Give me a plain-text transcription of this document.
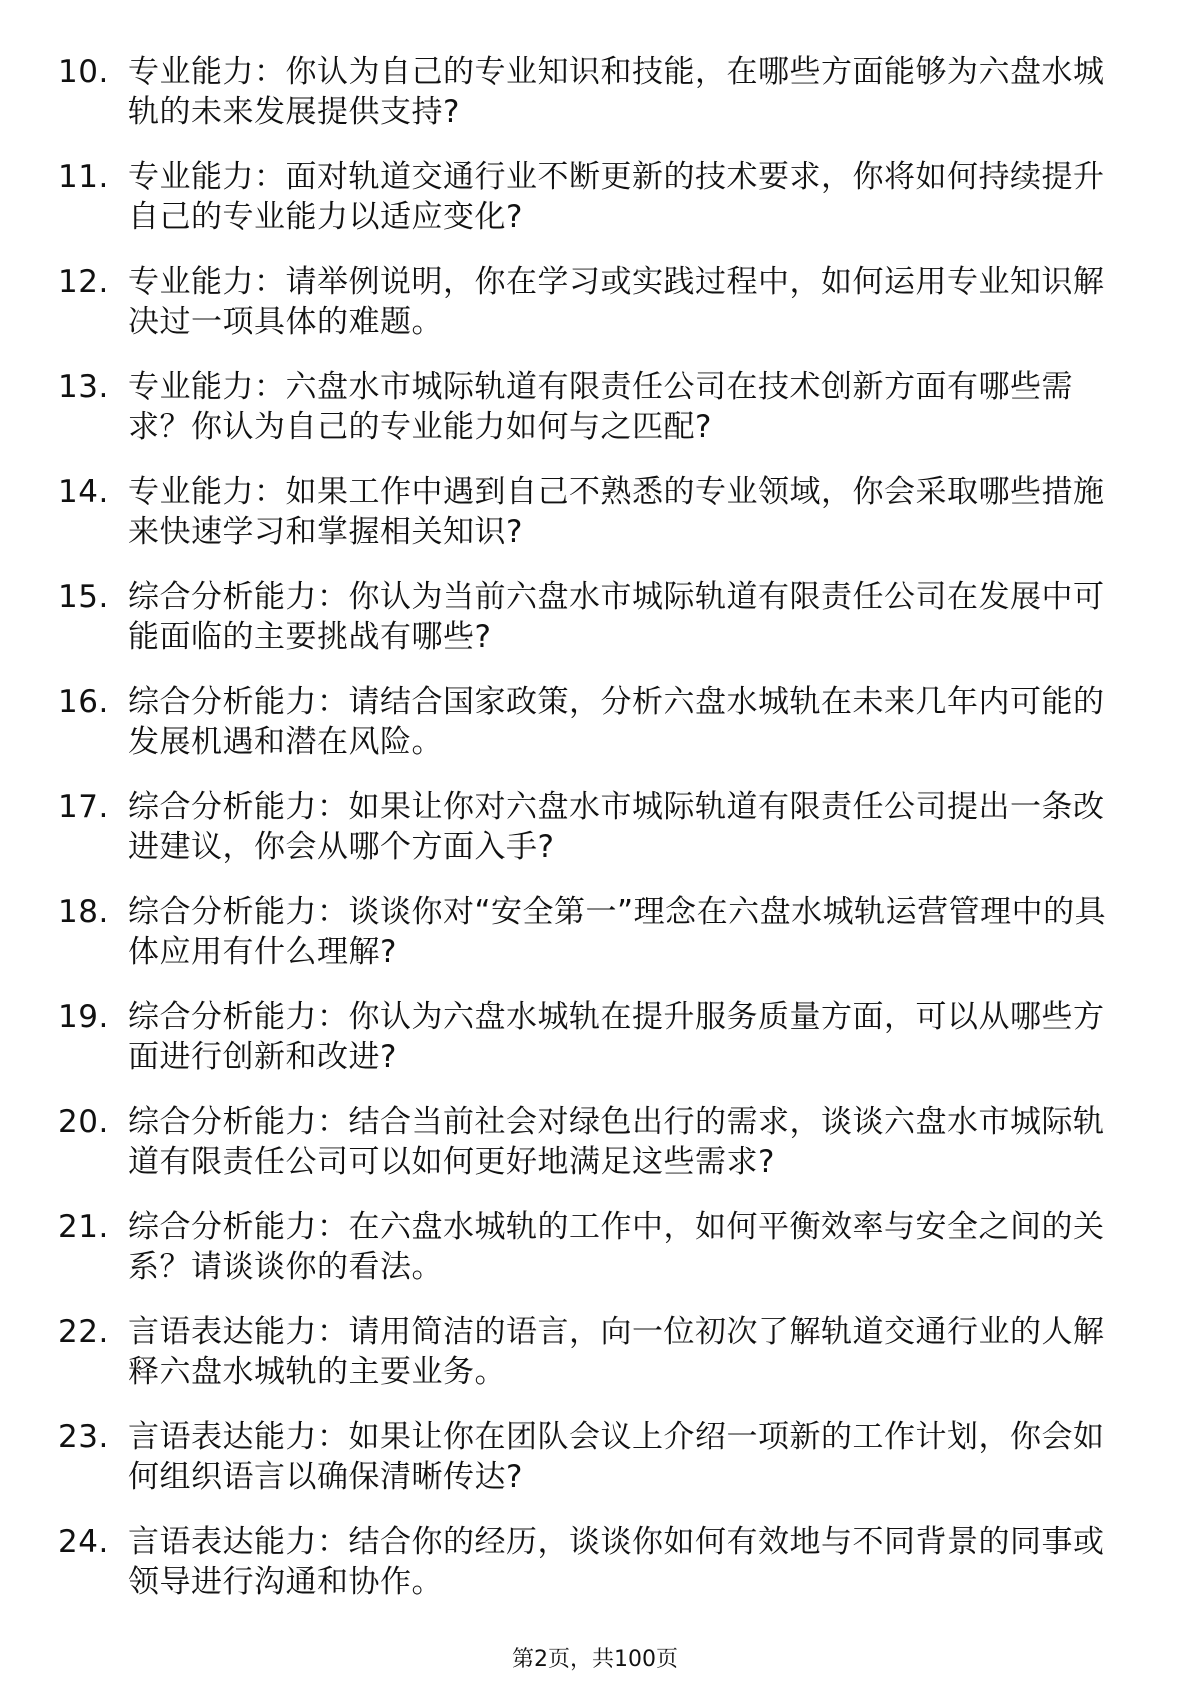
10. 专业能力：你认为自己的专业知识和技能，在哪些方面能够为六盘水城轨的未来发展提供支持?
11. 专业能力：面对轨道交通行业不断更新的技术要求，你将如何持续提升自己的专业能力以适应变化?
12. 专业能力：请举例说明，你在学习或实践过程中，如何运用专业知识解决过一项具体的难题。
13. 专业能力：六盘水市城际轨道有限责任公司在技术创新方面有哪些需求？你认为自己的专业能力如何与之匹配?
14. 专业能力：如果工作中遇到自己不熟悉的专业领域，你会采取哪些措施来快速学习和掌握相关知识?
15. 综合分析能力：你认为当前六盘水市城际轨道有限责任公司在发展中可能面临的主要挑战有哪些?
16. 综合分析能力：请结合国家政策，分析六盘水城轨在未来几年内可能的发展机遇和潜在风险。
17. 综合分析能力：如果让你对六盘水市城际轨道有限责任公司提出一条改进建议，你会从哪个方面入手?
18. 综合分析能力：谈谈你对“安全第一”理念在六盘水城轨运营管理中的具体应用有什么理解?
19. 综合分析能力：你认为六盘水城轨在提升服务质量方面，可以从哪些方面进行创新和改进?
20. 综合分析能力：结合当前社会对绿色出行的需求，谈谈六盘水市城际轨道有限责任公司可以如何更好地满足这些需求?
21. 综合分析能力：在六盘水城轨的工作中，如何平衡效率与安全之间的关系？请谈谈你的看法。
22. 言语表达能力：请用简洁的语言，向一位初次了解轨道交通行业的人解释六盘水城轨的主要业务。
23. 言语表达能力：如果让你在团队会议上介绍一项新的工作计划，你会如何组织语言以确保清晰传达?
24. 言语表达能力：结合你的经历，谈谈你如何有效地与不同背景的同事或领导进行沟通和协作。
第2页，共100页
